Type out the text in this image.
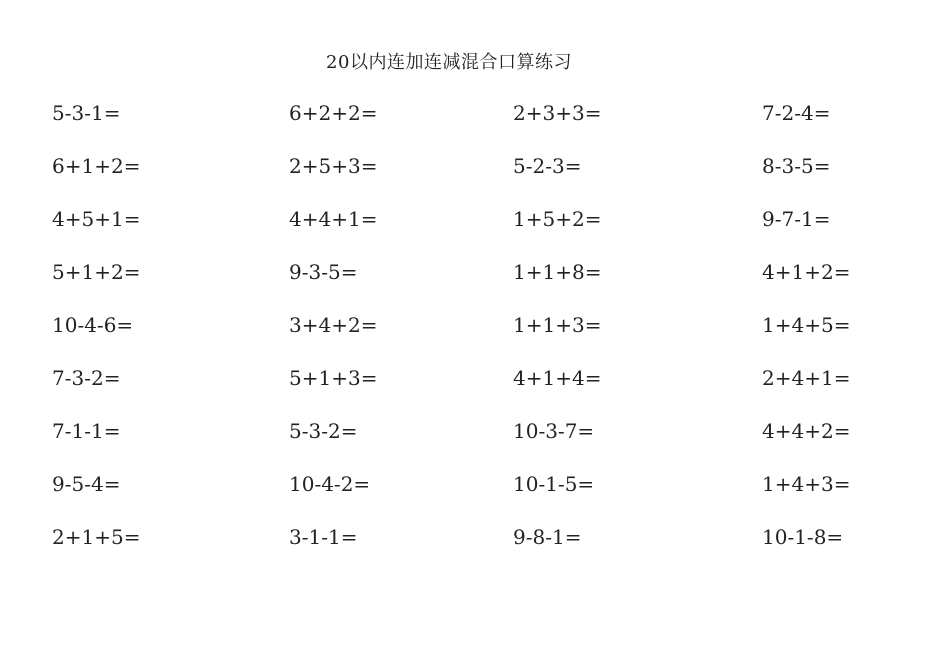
20以内连加连减混合口算练习
5-3-1=	6+2+2=	2+3+3=	7-2-4=
6+1+2=	2+5+3=	5-2-3=	8-3-5=
4+5+1=	4+4+1=	1+5+2=	9-7-1=
5+1+2=	9-3-5=	1+1+8=	4+1+2=
10-4-6=	3+4+2=	1+1+3=	1+4+5=
7-3-2=	5+1+3=	4+1+4=	2+4+1=
7-1-1=	5-3-2=	10-3-7=	4+4+2=
9-5-4=	10-4-2=	10-1-5=	1+4+3=
2+1+5=	3-1-1=	9-8-1=	10-1-8=
